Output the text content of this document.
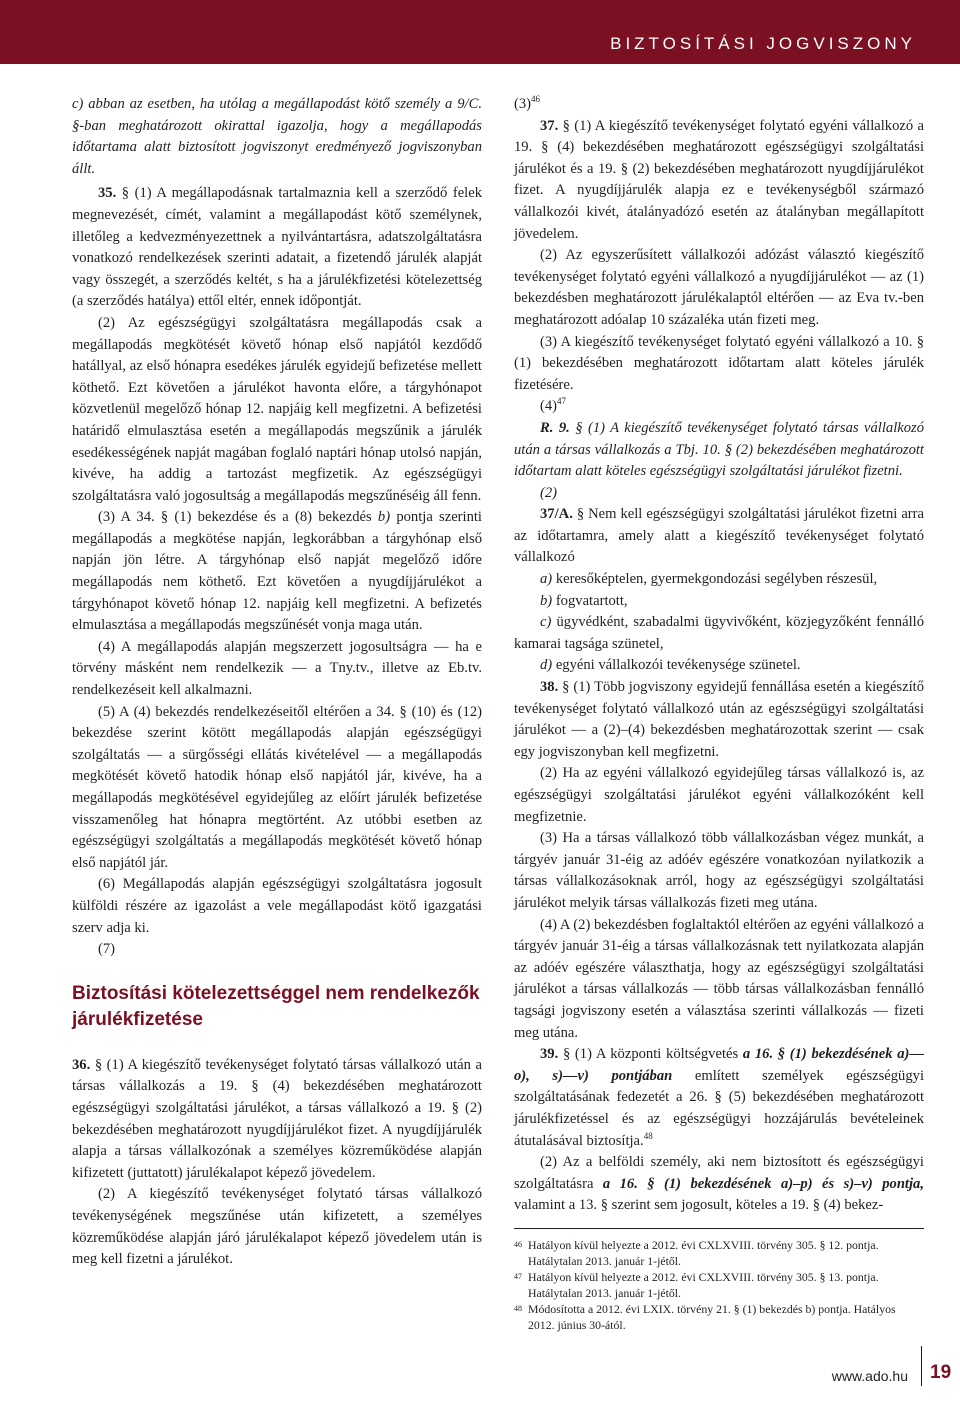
BIZTOSÍTÁSI JOGVISZONY

c) abban az esetben, ha utólag a megállapodást kötő személy a 9/C. §-ban meghatározott okirattal igazolja, hogy a megállapodás időtartama alatt biztosított jogviszonyt eredményező jogviszonyban állt.

35. § (1) A megállapodásnak tartalmaznia kell a szerződő felek megnevezését, címét, valamint a megállapodást kötő személynek, illetőleg a kedvezményezettnek a nyilvántartásra, adatszolgáltatásra vonatkozó rendelkezések szerinti adatait, a fizetendő járulék alapját vagy összegét, a szerződés keltét, s ha a járulékfizetési kötelezettség (a szerződés hatálya) ettől eltér, ennek időpontját.

(2) Az egészségügyi szolgáltatásra megállapodás csak a megállapodás megkötését követő hónap első napjától kezdődő hatállyal, az első hónapra esedékes járulék egyidejű befizetése mellett köthető. Ezt követően a járulékot havonta előre, a tárgyhónapot közvetlenül megelőző hónap 12. napjáig kell megfizetni. A befizetési határidő elmulasztása esetén a megállapodás megszűnik a járulék esedékességének napját magában foglaló naptári hónap utolsó napján, kivéve, ha addig a tartozást megfizetik. Az egészségügyi szolgáltatásra való jogosultság a megállapodás megszűnéséig áll fenn.

(3) A 34. § (1) bekezdése és a (8) bekezdés b) pontja szerinti megállapodás a megkötése napján, legkorábban a tárgyhónap első napján jön létre. A tárgyhónap első napját megelőző időre megállapodás nem köthető. Ezt követően a nyugdíjjárulékot a tárgyhónapot követő hónap 12. napjáig kell megfizetni. A befizetés elmulasztása a megállapodás megszűnését vonja maga után.

(4) A megállapodás alapján megszerzett jogosultságra — ha e törvény másként nem rendelkezik — a Tny.tv., illetve az Eb.tv. rendelkezéseit kell alkalmazni.

(5) A (4) bekezdés rendelkezéseitől eltérően a 34. § (10) és (12) bekezdése szerint kötött megállapodás alapján egészségügyi szolgáltatás — a sürgősségi ellátás kivételével — a megállapodás megkötését követő hatodik hónap első napjától jár, kivéve, ha a megállapodás megkötésével egyidejűleg az előírt járulék befizetése visszamenőleg hat hónapra megtörtént. Az utóbbi esetben az egészségügyi szolgáltatás a megállapodás megkötését követő hónap első napjától jár.

(6) Megállapodás alapján egészségügyi szolgáltatásra jogosult külföldi részére az igazolást a vele megállapodást kötő igazgatási szerv adja ki.

(7)

Biztosítási kötelezettséggel nem rendelkezők járulékfizetése

36. § (1) A kiegészítő tevékenységet folytató társas vállalkozó után a társas vállalkozás a 19. § (4) bekezdésében meghatározott egészségügyi szolgáltatási járulékot, a társas vállalkozó a 19. § (2) bekezdésében meghatározott nyugdíjjárulékot fizet. A nyugdíjjárulék alapja a társas vállalkozónak a személyes közreműködése alapján kifizetett (juttatott) járulékalapot képező jövedelem.

(2) A kiegészítő tevékenységet folytató társas vállalkozó tevékenységének megszűnése után kifizetett, a személyes közreműködése alapján járó járulékalapot képező jövedelem után is meg kell fizetni a járulékot.

$(3)^{46}$

37. § (1) A kiegészítő tevékenységet folytató egyéni vállalkozó a 19. § (4) bekezdésében meghatározott egészségügyi szolgáltatási járulékot és a 19. § (2) bekezdésében meghatározott nyugdíjjárulékot fizet. A nyugdíjjárulék alapja ez e tevékenységből származó vállalkozói kivét, átalányadózó esetén az átalányban megállapított jövedelem.

(2) Az egyszerűsített vállalkozói adózást választó kiegészítő tevékenységet folytató egyéni vállalkozó a nyugdíjjárulékot — az (1) bekezdésben meghatározott járulékalaptól eltérően — az Eva tv.-ben meghatározott adóalap 10 százaléka után fizeti meg.

(3) A kiegészítő tevékenységet folytató egyéni vállalkozó a 10. § (1) bekezdésében meghatározott időtartam alatt köteles járulék fizetésére.

$(4)^{47}$

R. 9. § (1) A kiegészítő tevékenységet folytató társas vállalkozó után a társas vállalkozás a Tbj. 10. § (2) bekezdésében meghatározott időtartam alatt köteles egészségügyi szolgáltatási járulékot fizetni.

(2)

37/A. § Nem kell egészségügyi szolgáltatási járulékot fizetni arra az időtartamra, amely alatt a kiegészítő tevékenységet folytató vállalkozó

a) keresőképtelen, gyermekgondozási segélyben részesül,

b) fogvatartott,

c) ügyvédként, szabadalmi ügyvivőként, közjegyzőként fennálló kamarai tagsága szünetel,

d) egyéni vállalkozói tevékenysége szünetel.

38. § (1) Több jogviszony egyidejű fennállása esetén a kiegészítő tevékenységet folytató vállalkozó után az egészségügyi szolgáltatási járulékot — a (2)–(4) bekezdésben meghatározottak szerint — csak egy jogviszonyban kell megfizetni.

(2) Ha az egyéni vállalkozó egyidejűleg társas vállalkozó is, az egészségügyi szolgáltatási járulékot egyéni vállalkozóként kell megfizetnie.

(3) Ha a társas vállalkozó több vállalkozásban végez munkát, a tárgyév január 31-éig az adóév egészére vonatkozóan nyilatkozik a társas vállalkozásoknak arról, hogy az egészségügyi szolgáltatási járulékot melyik társas vállalkozás fizeti meg utána.

(4) A (2) bekezdésben foglaltaktól eltérően az egyéni vállalkozó a tárgyév január 31-éig a társas vállalkozásnak tett nyilatkozata alapján az adóév egészére választhatja, hogy az egészségügyi szolgáltatási járulékot a társas vállalkozás — több társas vállalkozásban fennálló tagsági jogviszony esetén a választása szerinti vállalkozás — fizeti meg utána.

39. § (1) A központi költségvetés a 16. § (1) bekezdésének a)—o), s)—v) pontjában említett személyek egészségügyi szolgáltatásának fedezetét a 26. § (5) bekezdésében meghatározott járulékfizetéssel és az egészségügyi hozzájárulás bevételeinek átutalásával biztosítja.$^{48}$

(2) Az a belföldi személy, aki nem biztosított és egészségügyi szolgáltatásra a 16. § (1) bekezdésének a)–p) és s)–v) pontja, valamint a 13. § szerint sem jogosult, köteles a 19. § (4) bekez-

46 Hatályon kívül helyezte a 2012. évi CXLXVIII. törvény 305. § 12. pontja. Hatálytalan 2013. január 1-jétől.
47 Hatályon kívül helyezte a 2012. évi CXLXVIII. törvény 305. § 13. pontja. Hatálytalan 2013. január 1-jétől.
48 Módosította a 2012. évi LXIX. törvény 21. § (1) bekezdés b) pontja. Hatályos 2012. június 30-ától.
www.ado.hu 19
